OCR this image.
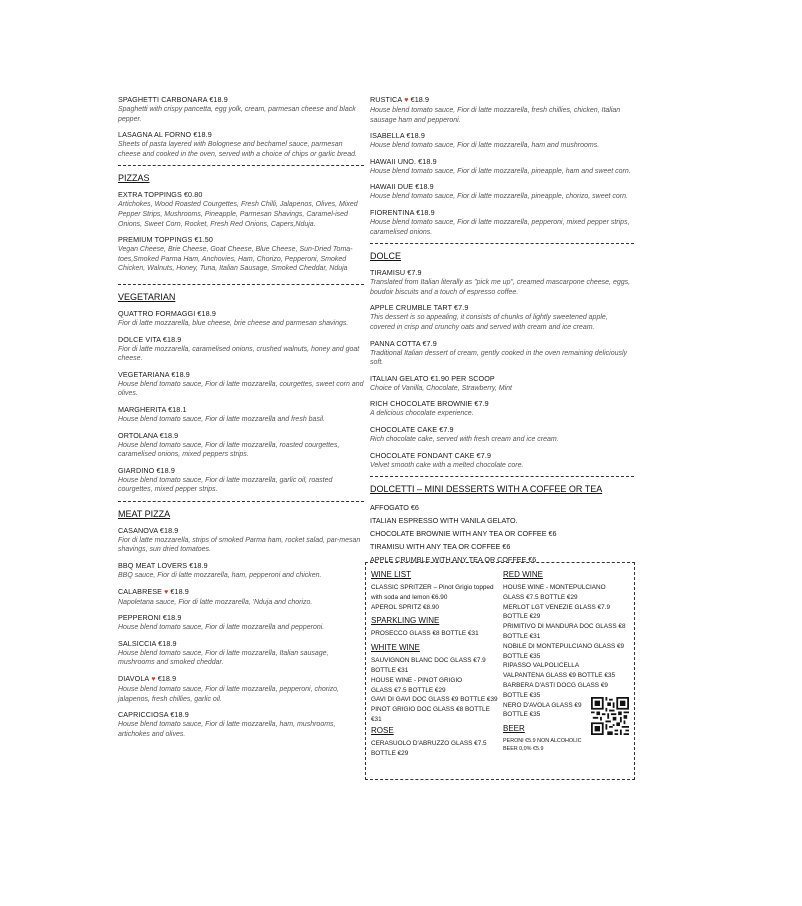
SPAGHETTI CARBONARA €18.9
Spaghetti with crispy pancetta, egg yolk, cream, parmesan cheese and black pepper.
LASAGNA AL FORNO €18.9
Sheets of pasta layered with Bolognese and bechamel sauce, parmesan cheese and cooked in the oven, served with a choice of chips or garlic bread.
PIZZAS
EXTRA TOPPINGS €0.80
Artichokes, Wood Roasted Courgettes, Fresh Chilli, Jalapenos, Olives, Mixed Pepper Strips, Mushrooms, Pineapple, Parmesan Shavings, Caramel-ised Onions, Sweet Corn, Rocket, Fresh Red Onions, Capers,Nduja.
PREMIUM TOPPINGS €1.50
Vegan Cheese, Brie Cheese, Goat Cheese, Blue Cheese, Sun-Dried Toma-toes,Smoked Parma Ham, Anchovies, Ham, Chorizo, Pepperoni, Smoked Chicken, Walnuts, Honey, Tuna, Italian Sausage, Smoked Cheddar, Nduja
VEGETARIAN
QUATTRO FORMAGGI €18.9
Fior di latte mozzarella, blue cheese, brie cheese and parmesan shavings.
DOLCE VITA €18.9
Fior di latte mozzarella, caramelised onions, crushed walnuts, honey and goat cheese.
VEGETARIANA €18.9
House blend tomato sauce, Fior di latte mozzarella, courgettes, sweet corn and olives.
MARGHERITA €18.1
House blend tomato sauce, Fior di latte mozzarella and fresh basil.
ORTOLANA €18.9
House blend tomato sauce, Fior di latte mozzarella, roasted courgettes, caramelised onions, mixed peppers strips.
GIARDINO €18.9
House blend tomato sauce, Fior di latte mozzarella, garlic oil, roasted courgettes, mixed pepper strips.
MEAT PIZZA
CASANOVA €18.9
Fior di latte mozzarella, strips of smoked Parma ham, rocket salad, par-mesan shavings, sun dried tomatoes.
BBQ MEAT LOVERS €18.9
BBQ sauce, Fior di latte mozzarella, ham, pepperoni and chicken.
CALABRESE ♥ €18.9
Napoletana sauce, Fior di latte mozzarella, 'Nduja and chorizo.
PEPPERONI €18.9
House blend tomato sauce, Fior di latte mozzarella and pepperoni.
SALSICCIA €18.9
House blend tomato sauce, Fior di latte mozzarella, Italian sausage, mushrooms and smoked cheddar.
DIAVOLA ♥ €18.9
House blend tomato sauce, Fior di latte mozzarella, pepperoni, chorizo, jalapenos, fresh chillies, garlic oil.
CAPRICCIOSA €18.9
House blend tomato sauce, Fior di latte mozzarella, ham, mushrooms, artichokes and olives.
RUSTICA ♥ €18.9
House blend tomato sauce, Fior di latte mozzarella, fresh chillies, chicken, Italian sausage ham and pepperoni.
ISABELLA €18.9
House blend tomato sauce, Fior di latte mozzarella, ham and mushrooms.
HAWAII UNO. €18.9
House blend tomato sauce, Fior di latte mozzarella, pineapple, ham and sweet corn.
HAWAII DUE €18.9
House blend tomato sauce, Fior di latte mozzarella, pineapple, chorizo, sweet corn.
FIORENTINA €18.9
House blend tomato sauce, Fior di latte mozzarella, pepperoni, mixed pepper strips, caramelised onions.
DOLCE
TIRAMISU €7.9
Translated from Italian literally as "pick me up", creamed mascarpone cheese, eggs, boudoir biscuits and a touch of espresso coffee.
APPLE CRUMBLE TART €7.9
This dessert is so appealing, it consists of chunks of lightly sweetened apple, covered in crisp and crunchy oats and served with cream and ice cream.
PANNA COTTA €7.9
Traditional Italian dessert of cream, gently cooked in the oven remaining deliciously soft.
ITALIAN GELATO €1.90 PER SCOOP
Choice of Vanilla, Chocolate, Strawberry, Mint
RICH CHOCOLATE BROWNIE €7.9
A delicious chocolate experience.
CHOCOLATE CAKE €7.9
Rich chocolate cake, served with fresh cream and ice cream.
CHOCOLATE FONDANT CAKE €7.9
Velvet smooth cake with a melted chocolate core.
DOLCETTI – MINI DESSERTS WITH A COFFEE OR TEA
AFFOGATO €6
ITALIAN ESPRESSO WITH VANILA GELATO.
CHOCOLATE BROWNIE WITH ANY TEA OR COFFEE €6
TIRAMISU WITH ANY TEA OR COFFEE €6
APPLE CRUMBLE WITH ANY TEA OR COFFEE €6
WINE LIST
CLASSIC SPRITZER – Pinot Grigio topped
with soda and lemon €6.90
APEROL SPRITZ €8.90
SPARKLING WINE
PROSECCO GLASS €8 BOTTLE €31
WHITE WINE
SAUVIGNON BLANC DOC GLASS €7.9
BOTTLE €31
HOUSE WINE - PINOT GRIGIO
GLASS €7.5 BOTTLE €29
GAVI DI GAVI DOC GLASS €9 BOTTLE €39
PINOT GRIGIO DOC GLASS €8 BOTTLE €31
ROSE
CERASUOLO D'ABRUZZO GLASS €7.5
BOTTLE €29
RED WINE
HOUSE WINE - MONTEPULCIANO
GLASS €7.5 BOTTLE €29
MERLOT LGT VENEZIE GLASS €7.9
BOTTLE €29
PRIMITIVO DI MANDURA DOC GLASS €8
BOTTLE €31
NOBILE DI MONTEPULCIANO GLASS €9
BOTTLE €35
RIPASSO VALPOLICELLA
VALPANTENA GLASS €9 BOTTLE €35
BARBERA D'ASTI DOCG GLASS €9
BOTTLE €35
NERO D'AVOLA GLASS €9
BOTTLE €35
BEER
PERONI €5.9 NON ALCOHOLIC
BEER 0,0% €5.9
